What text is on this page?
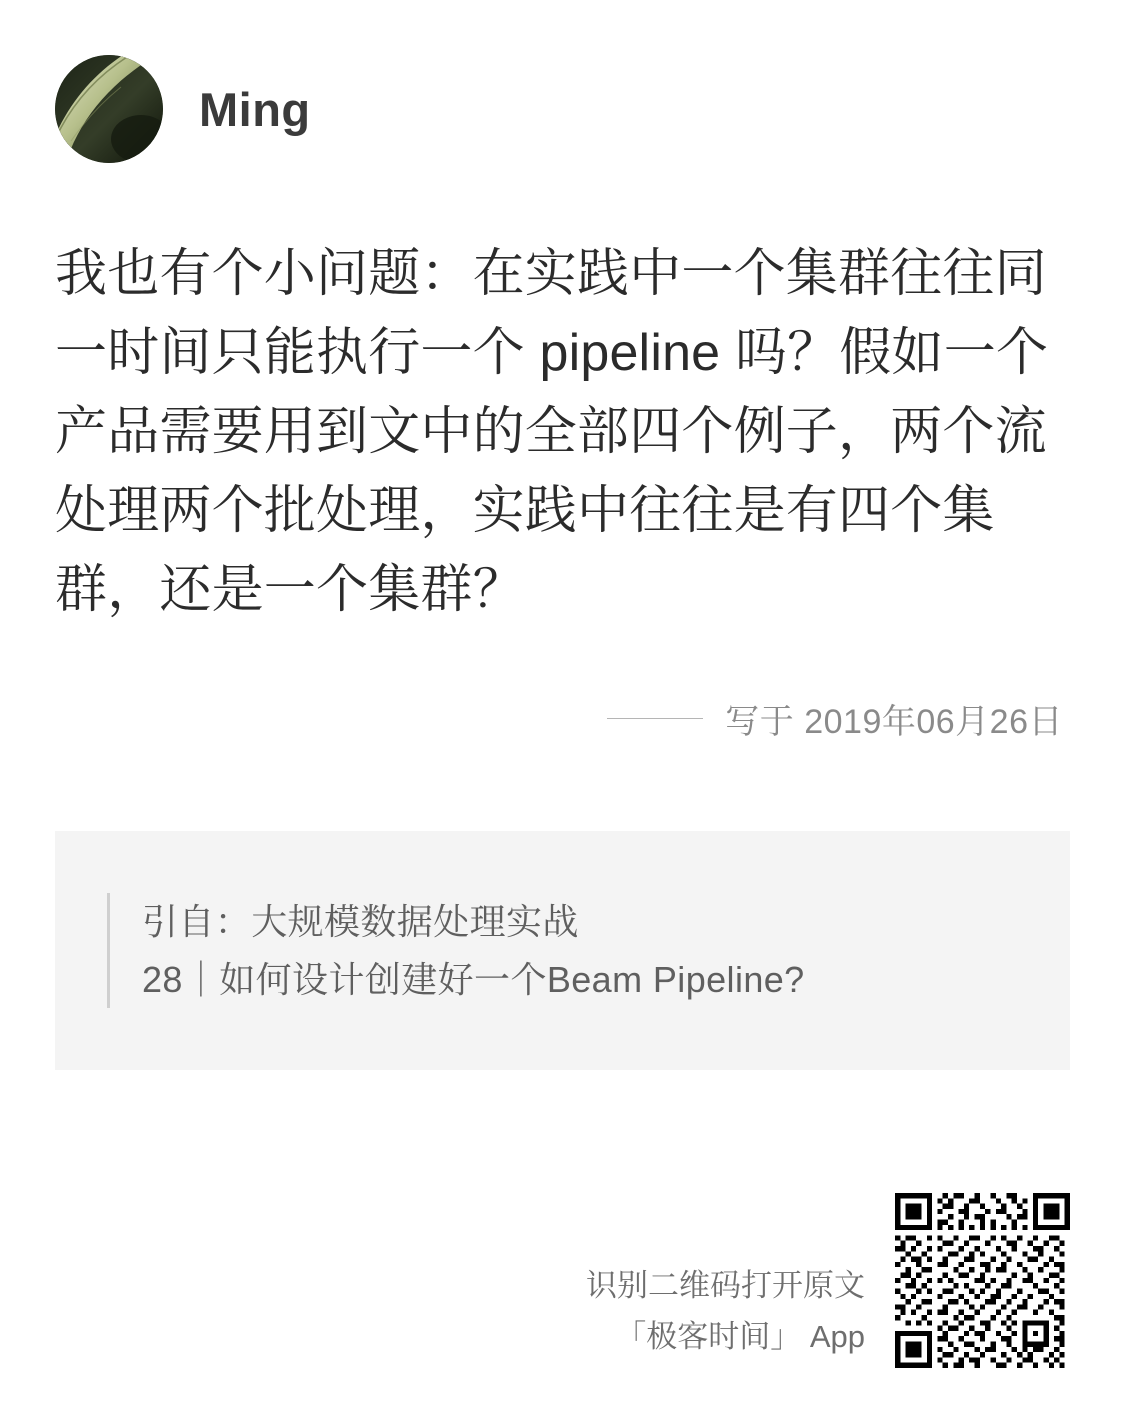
Ming
我也有个小问题：在实践中一个集群往往同一时间只能执行一个 pipeline 吗？假如一个产品需要用到文中的全部四个例子，两个流处理两个批处理，实践中往往是有四个集群，还是一个集群？
写于 2019年06月26日
引自：大规模数据处理实战
28｜如何设计创建好一个Beam Pipeline?
识别二维码打开原文
「极客时间」 App
